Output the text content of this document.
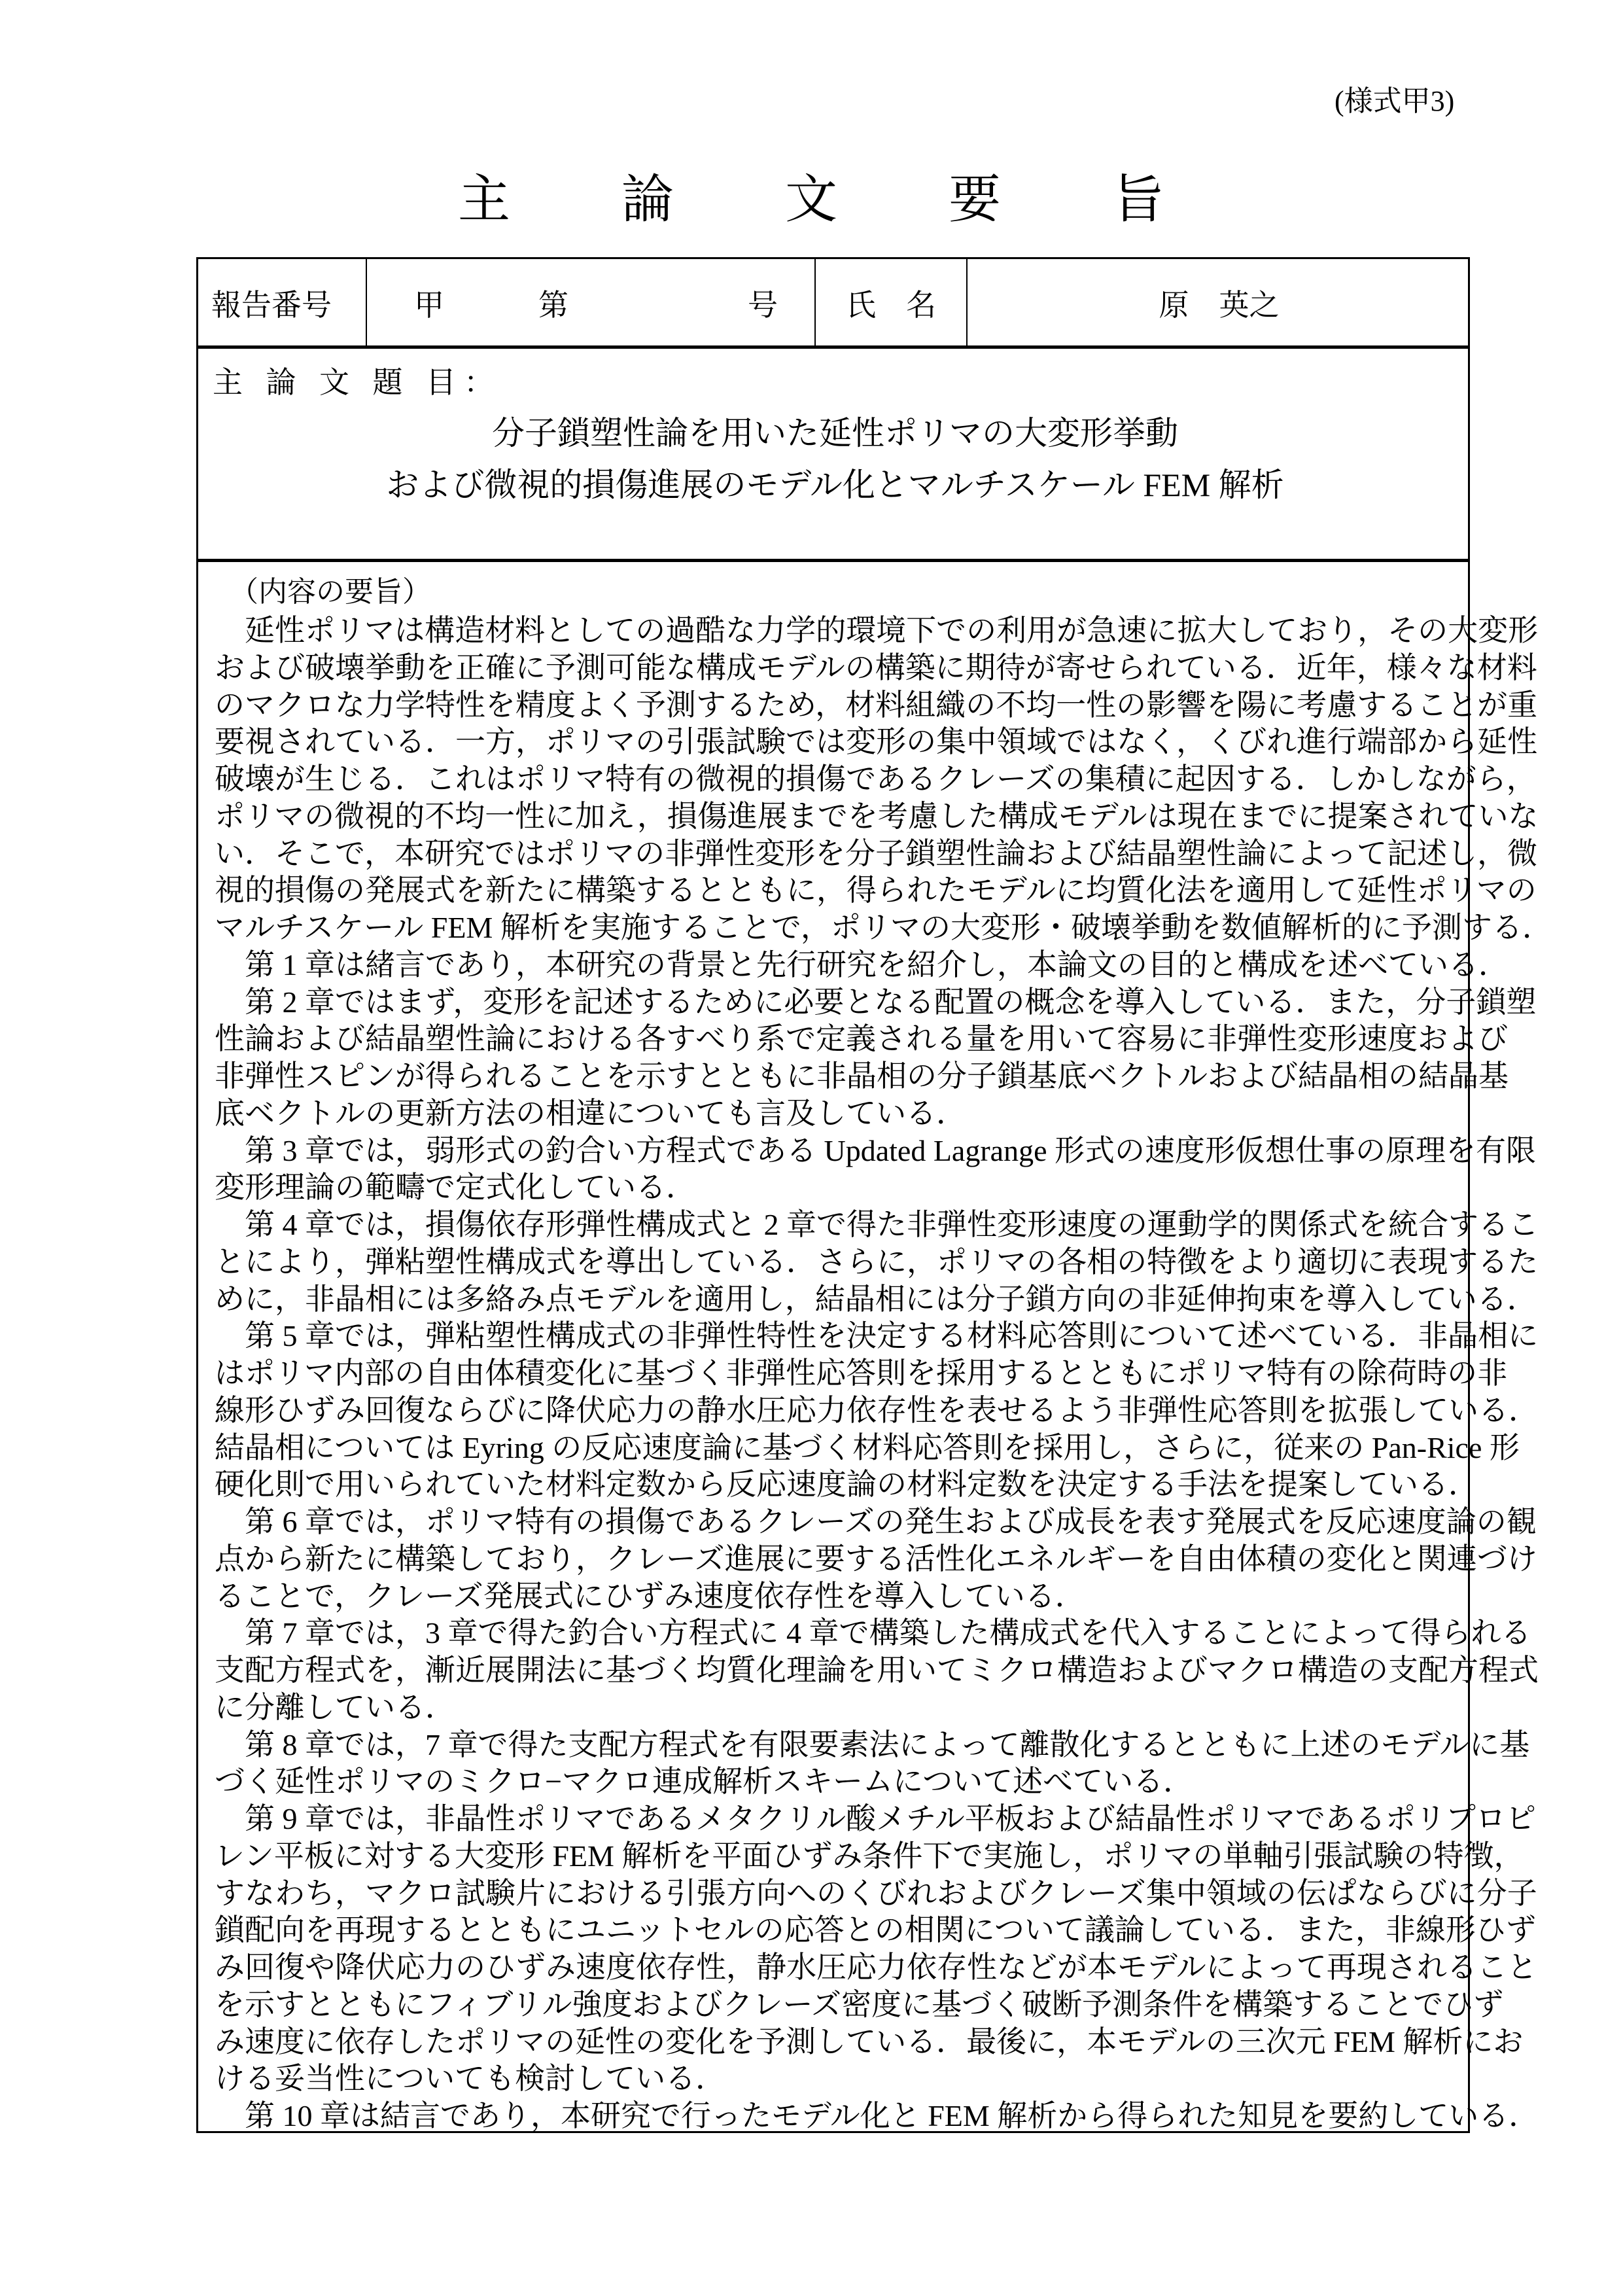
(様式甲3)
主 論 文 要 旨
報告番号	甲	第	号 氏　名	原　英之
主 論 文 題 目：
分子鎖塑性論を用いた延性ポリマの大変形挙動
および微視的損傷進展のモデル化とマルチスケール FEM 解析
（内容の要旨）
延性ポリマは構造材料としての過酷な力学的環境下での利用が急速に拡大しており，その大変形
および破壊挙動を正確に予測可能な構成モデルの構築に期待が寄せられている．近年，様々な材料
のマクロな力学特性を精度よく予測するため，材料組織の不均一性の影響を陽に考慮することが重
要視されている．一方，ポリマの引張試験では変形の集中領域ではなく，くびれ進行端部から延性
破壊が生じる．これはポリマ特有の微視的損傷であるクレーズの集積に起因する．しかしながら，
ポリマの微視的不均一性に加え，損傷進展までを考慮した構成モデルは現在までに提案されていな
い．そこで，本研究ではポリマの非弾性変形を分子鎖塑性論および結晶塑性論によって記述し，微
視的損傷の発展式を新たに構築するとともに，得られたモデルに均質化法を適用して延性ポリマの
マルチスケール FEM 解析を実施することで，ポリマの大変形・破壊挙動を数値解析的に予測する．
第 1 章は緒言であり，本研究の背景と先行研究を紹介し，本論文の目的と構成を述べている．
第 2 章ではまず，変形を記述するために必要となる配置の概念を導入している．また，分子鎖塑
性論および結晶塑性論における各すべり系で定義される量を用いて容易に非弾性変形速度および
非弾性スピンが得られることを示すとともに非晶相の分子鎖基底ベクトルおよび結晶相の結晶基
底ベクトルの更新方法の相違についても言及している．
第 3 章では，弱形式の釣合い方程式である Updated Lagrange 形式の速度形仮想仕事の原理を有限
変形理論の範疇で定式化している．
第 4 章では，損傷依存形弾性構成式と 2 章で得た非弾性変形速度の運動学的関係式を統合するこ
とにより，弾粘塑性構成式を導出している．さらに，ポリマの各相の特徴をより適切に表現するた
めに，非晶相には多絡み点モデルを適用し，結晶相には分子鎖方向の非延伸拘束を導入している．
第 5 章では，弾粘塑性構成式の非弾性特性を決定する材料応答則について述べている．非晶相に
はポリマ内部の自由体積変化に基づく非弾性応答則を採用するとともにポリマ特有の除荷時の非
線形ひずみ回復ならびに降伏応力の静水圧応力依存性を表せるよう非弾性応答則を拡張している．
結晶相については Eyring の反応速度論に基づく材料応答則を採用し，さらに，従来の Pan-Rice 形
硬化則で用いられていた材料定数から反応速度論の材料定数を決定する手法を提案している．
第 6 章では，ポリマ特有の損傷であるクレーズの発生および成長を表す発展式を反応速度論の観
点から新たに構築しており，クレーズ進展に要する活性化エネルギーを自由体積の変化と関連づけ
ることで，クレーズ発展式にひずみ速度依存性を導入している．
第 7 章では，3 章で得た釣合い方程式に 4 章で構築した構成式を代入することによって得られる
支配方程式を，漸近展開法に基づく均質化理論を用いてミクロ構造およびマクロ構造の支配方程式
に分離している．
第 8 章では，7 章で得た支配方程式を有限要素法によって離散化するとともに上述のモデルに基
づく延性ポリマのミクロ−マクロ連成解析スキームについて述べている．
第 9 章では，非晶性ポリマであるメタクリル酸メチル平板および結晶性ポリマであるポリプロピ
レン平板に対する大変形 FEM 解析を平面ひずみ条件下で実施し，ポリマの単軸引張試験の特徴，
すなわち，マクロ試験片における引張方向へのくびれおよびクレーズ集中領域の伝ぱならびに分子
鎖配向を再現するとともにユニットセルの応答との相関について議論している．また，非線形ひず
み回復や降伏応力のひずみ速度依存性，静水圧応力依存性などが本モデルによって再現されること
を示すとともにフィブリル強度およびクレーズ密度に基づく破断予測条件を構築することでひず
み速度に依存したポリマの延性の変化を予測している．最後に，本モデルの三次元 FEM 解析にお
ける妥当性についても検討している．
第 10 章は結言であり，本研究で行ったモデル化と FEM 解析から得られた知見を要約している．
